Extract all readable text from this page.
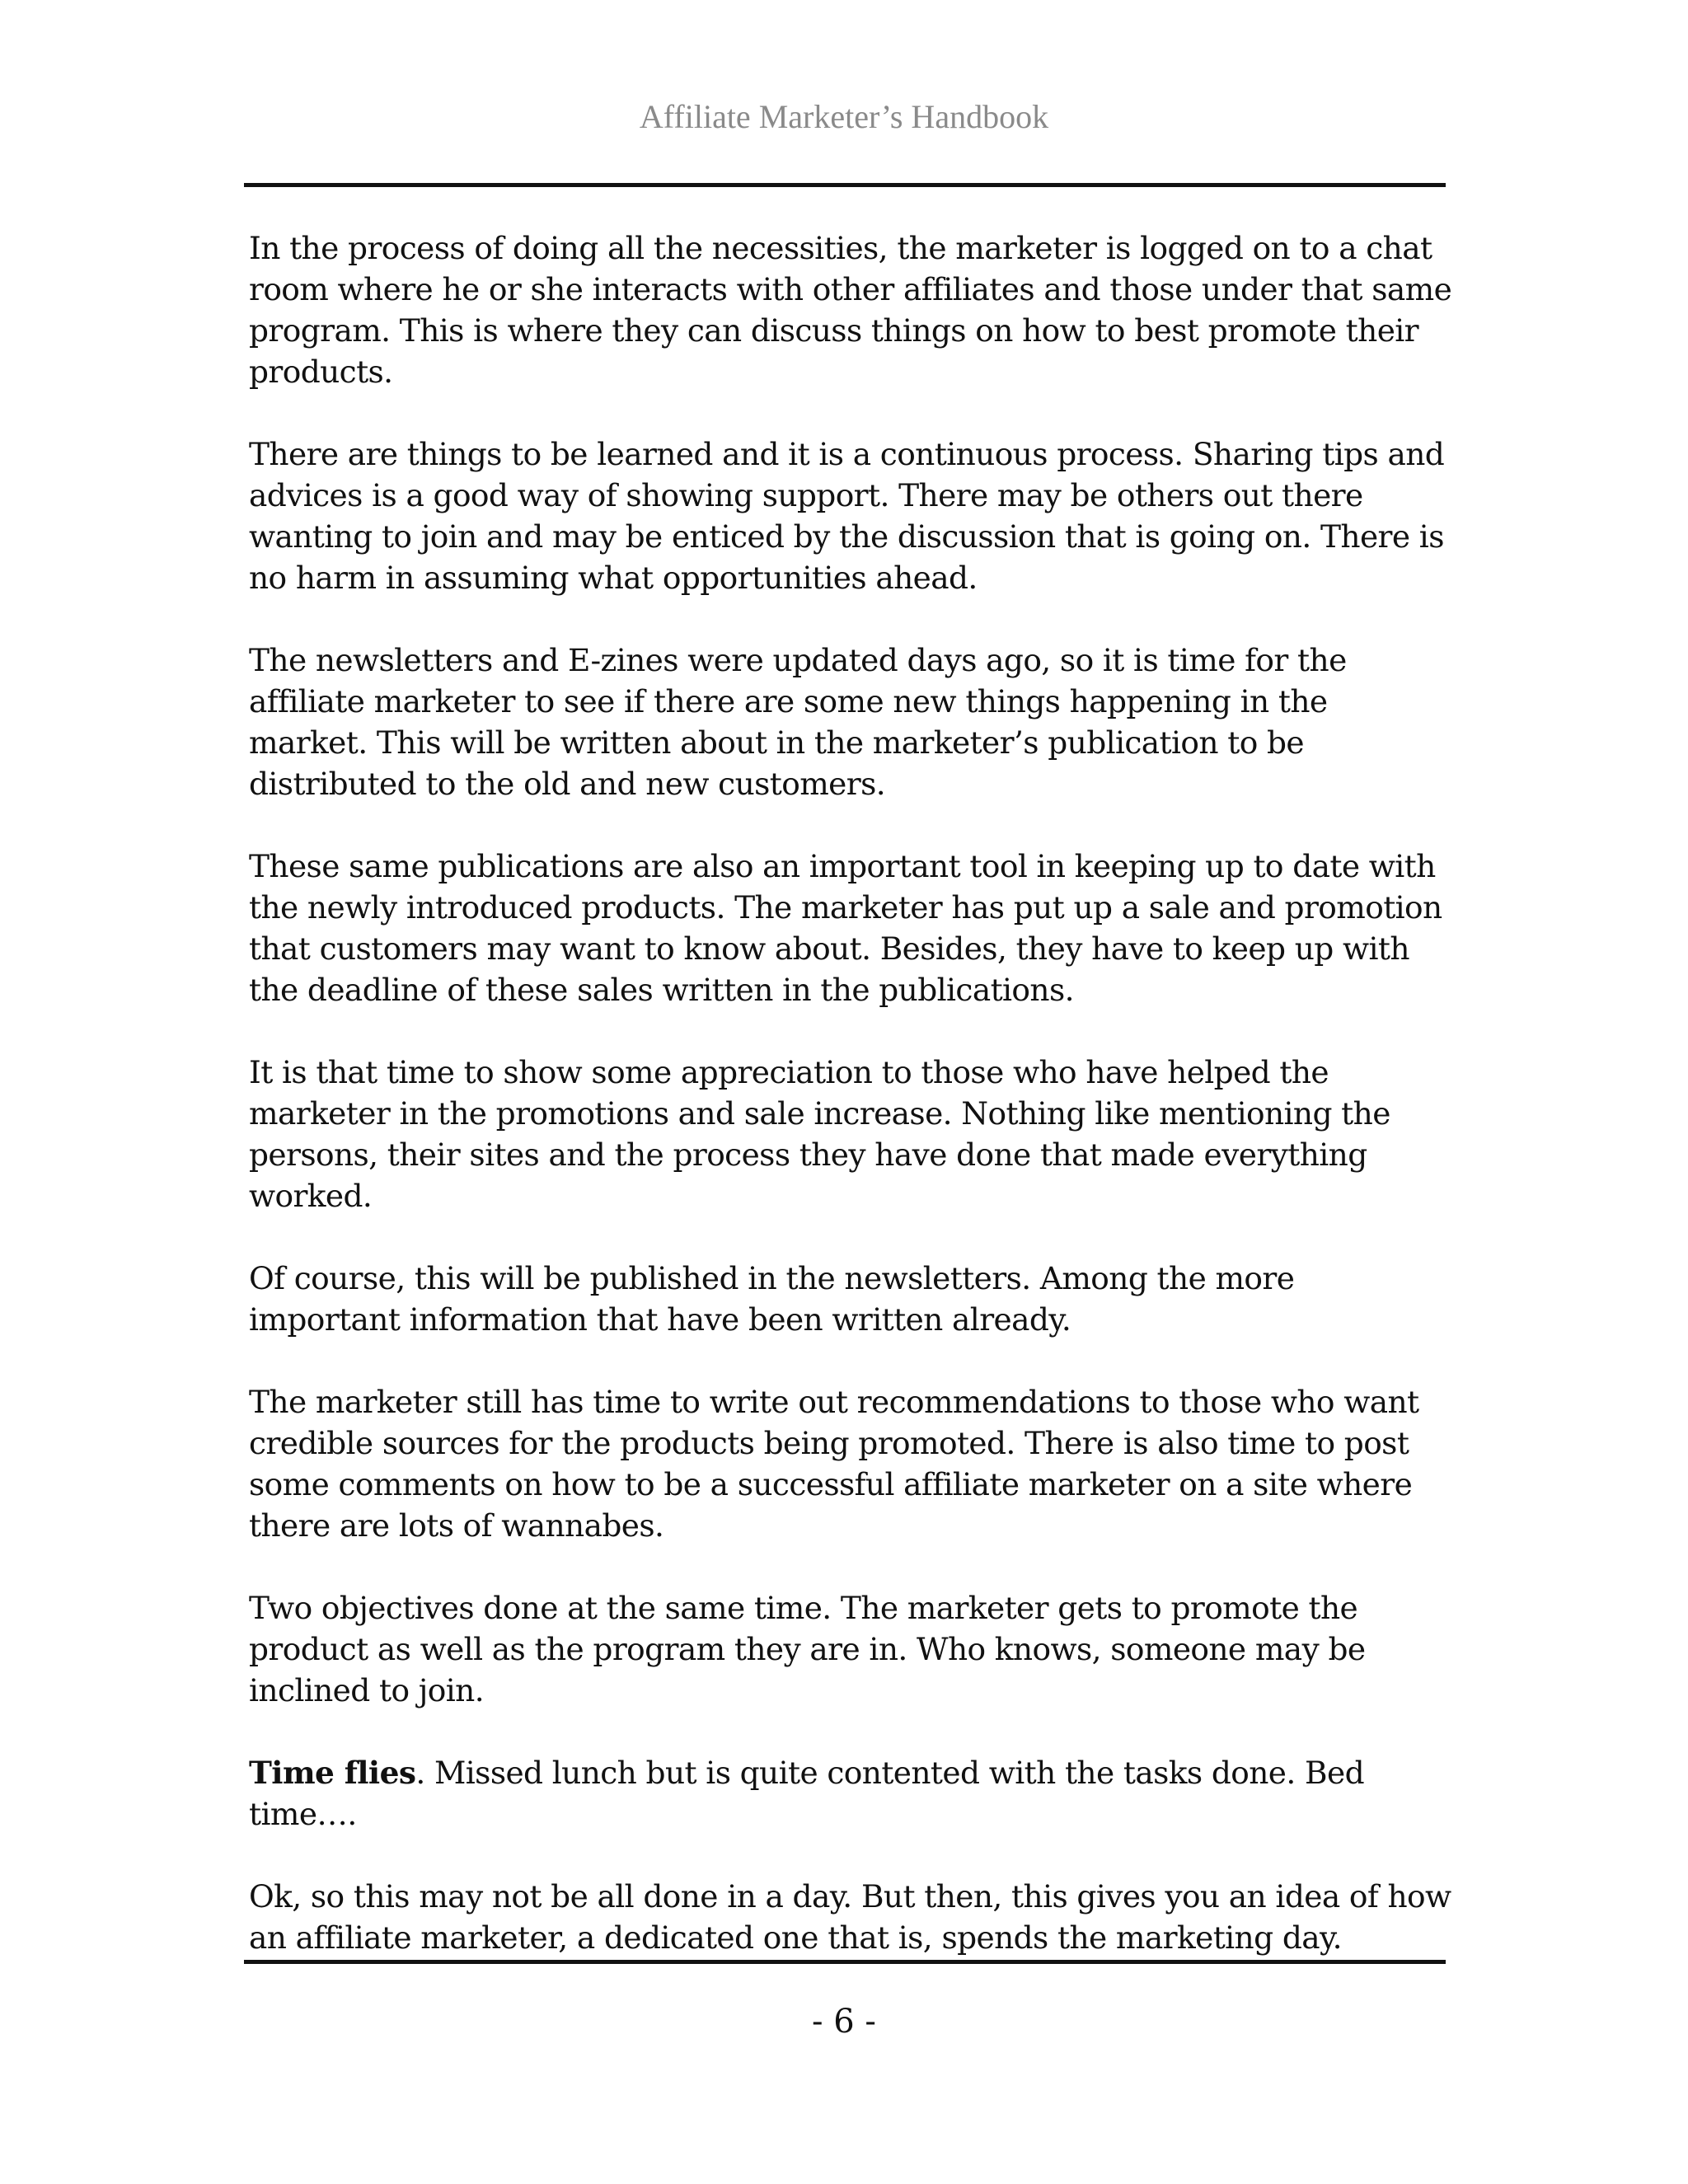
Affiliate Marketer’s Handbook

In the process of doing all the necessities, the marketer is logged on to a chat room where he or she interacts with other affiliates and those under that same program. This is where they can discuss things on how to best promote their products.

There are things to be learned and it is a continuous process. Sharing tips and advices is a good way of showing support. There may be others out there wanting to join and may be enticed by the discussion that is going on. There is no harm in assuming what opportunities ahead.

The newsletters and E-zines were updated days ago, so it is time for the affiliate marketer to see if there are some new things happening in the market. This will be written about in the marketer’s publication to be distributed to the old and new customers.

These same publications are also an important tool in keeping up to date with the newly introduced products. The marketer has put up a sale and promotion that customers may want to know about. Besides, they have to keep up with the deadline of these sales written in the publications.

It is that time to show some appreciation to those who have helped the marketer in the promotions and sale increase. Nothing like mentioning the persons, their sites and the process they have done that made everything worked.

Of course, this will be published in the newsletters. Among the more important information that have been written already.

The marketer still has time to write out recommendations to those who want credible sources for the products being promoted. There is also time to post some comments on how to be a successful affiliate marketer on a site where there are lots of wannabes.

Two objectives done at the same time. The marketer gets to promote the product as well as the program they are in. Who knows, someone may be inclined to join.

Time flies. Missed lunch but is quite contented with the tasks done. Bed time….

Ok, so this may not be all done in a day. But then, this gives you an idea of how an affiliate marketer, a dedicated one that is, spends the marketing day.

- 6 -
